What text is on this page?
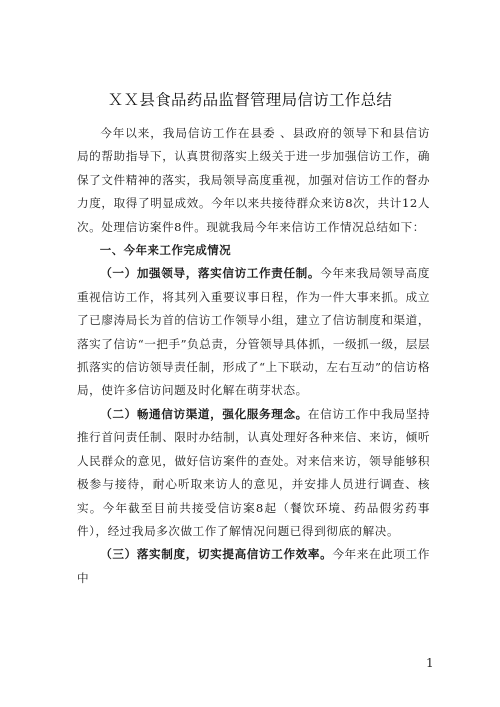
ＸＸ县食品药品监督管理局信访工作总结

今年以来，我局信访工作在县委 、县政府的领导下和县信访局的帮助指导下，认真贯彻落实上级关于进一步加强信访工作，确保了文件精神的落实，我局领导高度重视，加强对信访工作的督办力度，取得了明显成效。今年以来共接待群众来访8次，共计12人次。处理信访案件8件。现就我局今年来信访工作情况总结如下：

一、今年来工作完成情况

（一）加强领导，落实信访工作责任制。今年来我局领导高度重视信访工作，将其列入重要议事日程，作为一件大事来抓。成立了已廖涛局长为首的信访工作领导小组，建立了信访制度和渠道，落实了信访“一把手”负总责，分管领导具体抓，一级抓一级，层层抓落实的信访领导责任制，形成了“上下联动，左右互动”的信访格局，使许多信访问题及时化解在萌芽状态。

（二）畅通信访渠道，强化服务理念。在信访工作中我局坚持推行首问责任制、限时办结制，认真处理好各种来信、来访，倾听人民群众的意见，做好信访案件的查处。对来信来访，领导能够积极参与接待，耐心听取来访人的意见，并安排人员进行调查、核实。今年截至目前共接受信访案8起（餐饮环境、药品假劣药事件），经过我局多次做工作了解情况问题已得到彻底的解决。

（三）落实制度，切实提高信访工作效率。今年来在此项工作中

1
